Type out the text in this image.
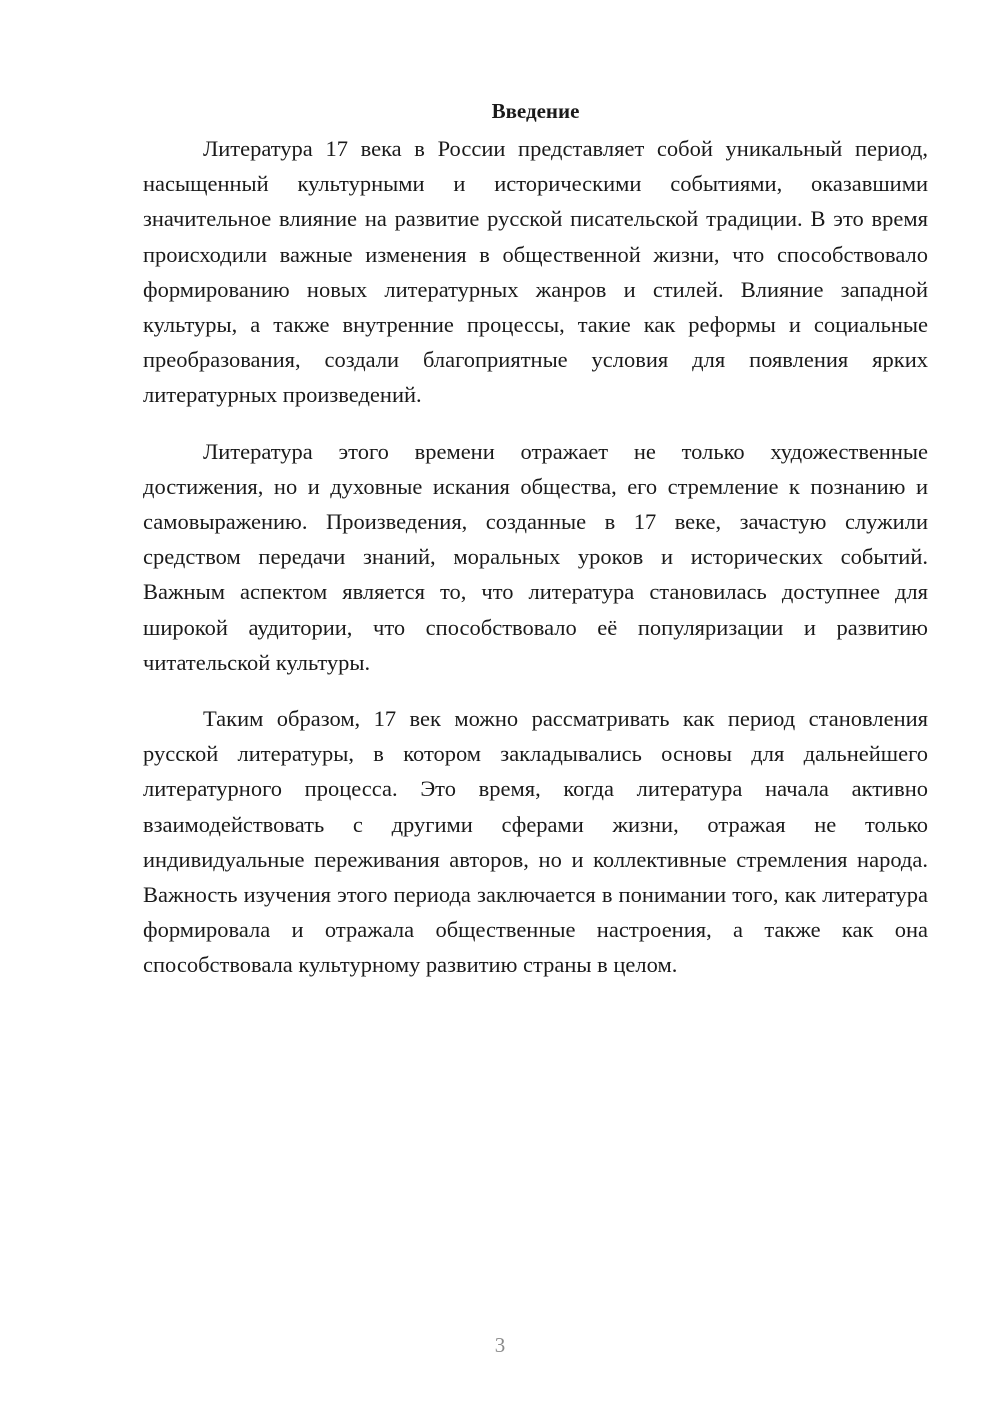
Введение

Литература 17 века в России представляет собой уникальный период, насыщенный культурными и историческими событиями, оказавшими значительное влияние на развитие русской писательской традиции. В это время происходили важные изменения в общественной жизни, что способствовало формированию новых литературных жанров и стилей. Влияние западной культуры, а также внутренние процессы, такие как реформы и социальные преобразования, создали благоприятные условия для появления ярких литературных произведений.

Литература этого времени отражает не только художественные достижения, но и духовные искания общества, его стремление к познанию и самовыражению. Произведения, созданные в 17 веке, зачастую служили средством передачи знаний, моральных уроков и исторических событий. Важным аспектом является то, что литература становилась доступнее для широкой аудитории, что способствовало её популяризации и развитию читательской культуры.

Таким образом, 17 век можно рассматривать как период становления русской литературы, в котором закладывались основы для дальнейшего литературного процесса. Это время, когда литература начала активно взаимодействовать с другими сферами жизни, отражая не только индивидуальные переживания авторов, но и коллективные стремления народа. Важность изучения этого периода заключается в понимании того, как литература формировала и отражала общественные настроения, а также как она способствовала культурному развитию страны в целом.

3
